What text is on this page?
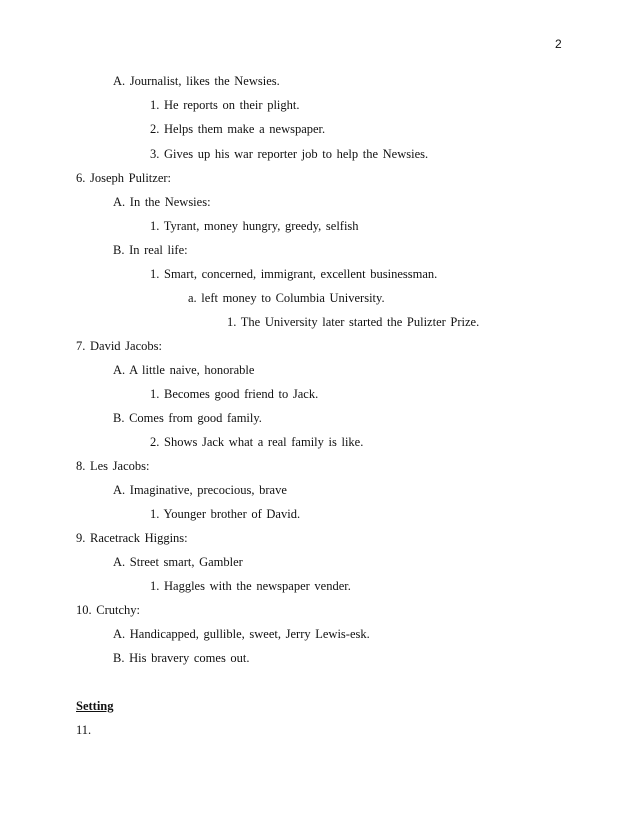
2
A. Journalist, likes the Newsies.
1. He reports on their plight.
2. Helps them make a newspaper.
3. Gives up his war reporter job to help the Newsies.
6. Joseph Pulitzer:
A. In the Newsies:
1. Tyrant, money hungry, greedy, selfish
B. In real life:
1. Smart, concerned, immigrant, excellent businessman.
a. left money to Columbia University.
1. The University later started the Pulizter Prize.
7. David Jacobs:
A. A little naive, honorable
1. Becomes good friend to Jack.
B. Comes from good family.
2. Shows Jack what a real family is like.
8. Les Jacobs:
A. Imaginative, precocious, brave
1. Younger brother of David.
9. Racetrack Higgins:
A. Street smart, Gambler
1. Haggles with the newspaper vender.
10. Crutchy:
A. Handicapped, gullible, sweet, Jerry Lewis-esk.
B. His bravery comes out.
Setting
11.
